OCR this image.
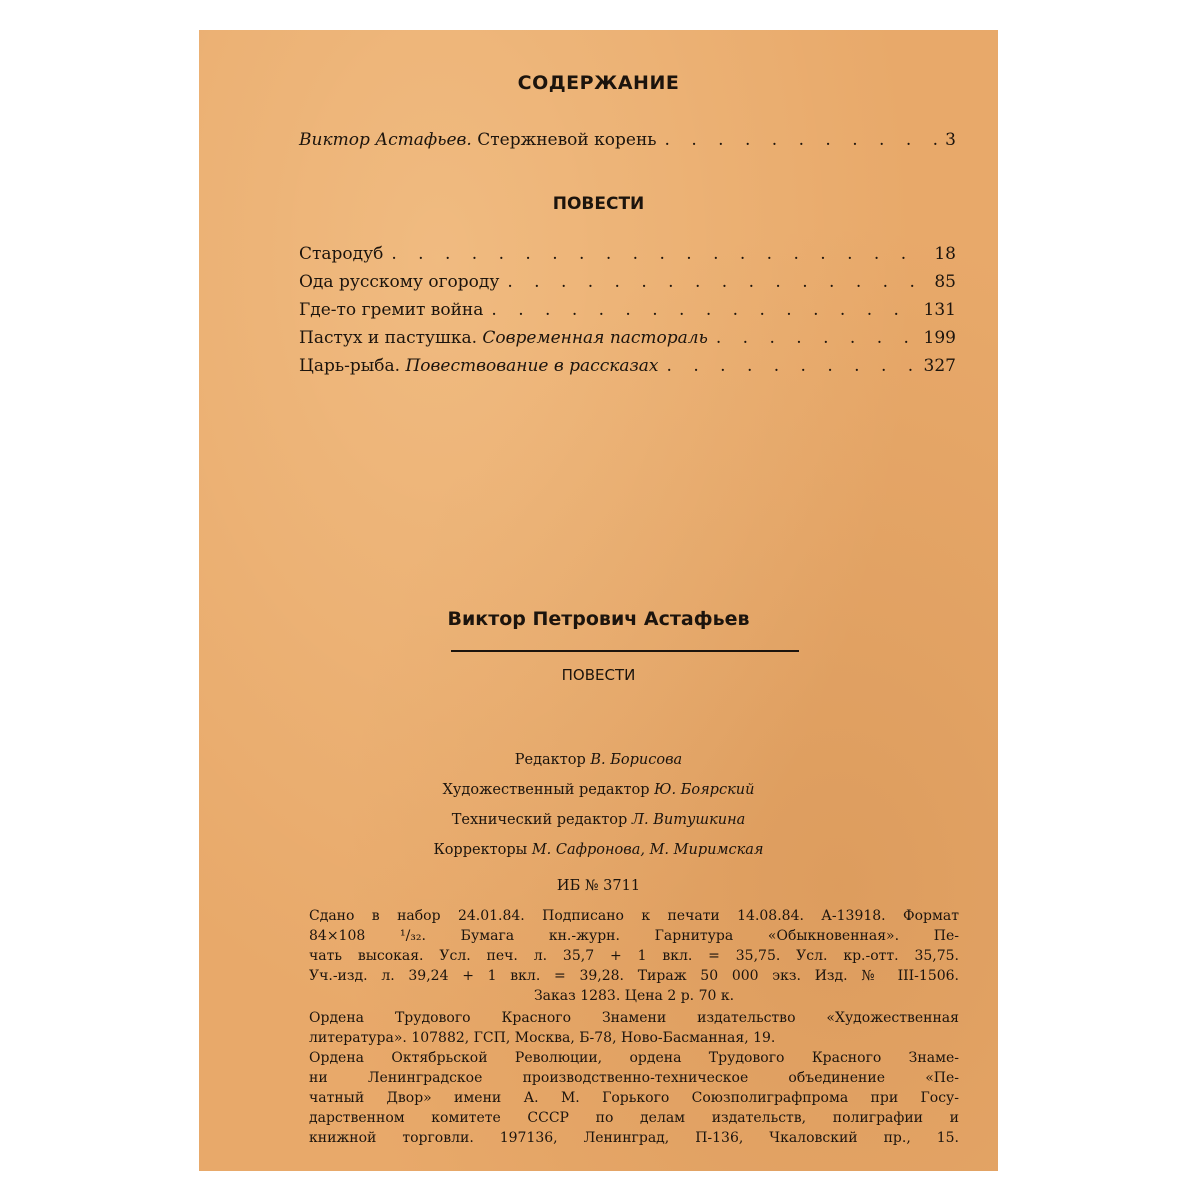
СОДЕРЖАНИЕ
Виктор Астафьев. Стержневой корень . . .	3
ПОВЕСТИ
Стародуб . . .	18
Ода русскому огороду . . .	85
Где-то гремит война . . .	131
Пастух и пастушка. Современная пастораль . . .	199
Царь-рыба. Повествование в рассказах . . .	327
Виктор Петрович Астафьев
ПОВЕСТИ
Редактор В. Борисова
Художественный редактор Ю. Боярский
Технический редактор Л. Витушкина
Корректоры М. Сафронова, М. Миримская
ИБ № 3711
Сдано в набор 24.01.84. Подписано к печати 14.08.84. А-13918. Формат
84×108 ¹/₃₂. Бумага кн.-журн. Гарнитура «Обыкновенная». Пе-
чать высокая. Усл. печ. л. 35,7 + 1 вкл. = 35,75. Усл. кр.-отт. 35,75.
Уч.-изд. л. 39,24 + 1 вкл. = 39,28. Тираж 50 000 экз. Изд. № III-1506.
Заказ 1283. Цена 2 р. 70 к.
Ордена Трудового Красного Знамени издательство «Художественная
литература». 107882, ГСП, Москва, Б-78, Ново-Басманная, 19.
Ордена Октябрьской Революции, ордена Трудового Красного Знаме-
ни Ленинградское производственно-техническое объединение «Пе-
чатный Двор» имени А. М. Горького Союзполиграфпрома при Госу-
дарственном комитете СССР по делам издательств, полиграфии и
книжной торговли. 197136, Ленинград, П-136, Чкаловский пр., 15.
